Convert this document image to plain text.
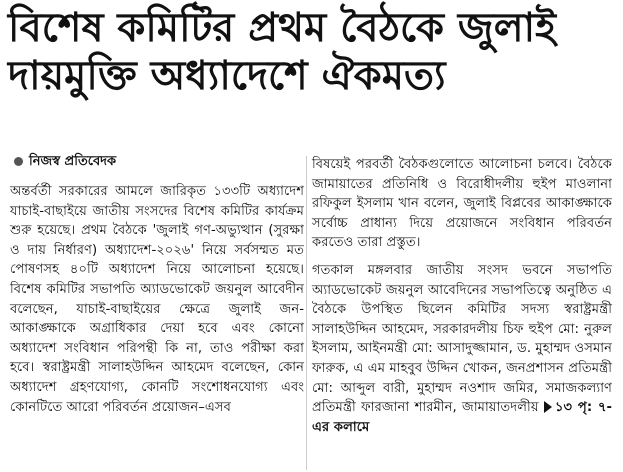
বিশেষ কমিটির প্রথম বৈঠকে জুলাই
দায়মুক্তি অধ্যাদেশে ঐকমত্য
নিজস্ব প্রতিবেদক

অন্তর্বর্তী সরকারের আমলে জারিকৃত ১৩৩টি অধ্যাদেশ যাচাই-বাছাইয়ে জাতীয় সংসদের বিশেষ কমিটির কার্যক্রম শুরু হয়েছে। প্রথম বৈঠকে 'জুলাই গণ-অভ্যুত্থান (সুরক্ষা ও দায় নির্ধারণ) অধ্যাদেশ-২০২৬' নিয়ে সর্বসম্মত মত পোষণসহ ৪০টি অধ্যাদেশ নিয়ে আলোচনা হয়েছে। বিশেষ কমিটির সভাপতি অ্যাডভোকেট জয়নুল আবেদীন বলেছেন, যাচাই-বাছাইয়ের ক্ষেত্রে জুলাই জন-আকাঙ্ক্ষাকে অগ্রাধিকার দেয়া হবে এবং কোনো অধ্যাদেশ সংবিধান পরিপন্থী কি না, তাও পরীক্ষা করা হবে। স্বরাষ্ট্রমন্ত্রী সালাহউদ্দিন আহমেদ বলেছেন, কোন অধ্যাদেশ গ্রহণযোগ্য, কোনটি সংশোধনযোগ্য এবং কোনটিতে আরো পরিবর্তন প্রয়োজন–এসব

বিষয়েই পরবর্তী বৈঠকগুলোতে আলোচনা চলবে। বৈঠকে জামায়াতের প্রতিনিধি ও বিরোধীদলীয় হুইপ মাওলানা রফিকুল ইসলাম খান বলেন, জুলাই বিপ্লবের আকাঙ্ক্ষাকে সর্বোচ্চ প্রাধান্য দিয়ে প্রয়োজনে সংবিধান পরিবর্তন করতেও তারা প্রস্তুত।

গতকাল মঙ্গলবার জাতীয় সংসদ ভবনে সভাপতি অ্যাডভোকেট জয়নুল আবেদিনের সভাপতিত্বে অনুষ্ঠিত এ বৈঠকে উপস্থিত ছিলেন কমিটির সদস্য স্বরাষ্ট্রমন্ত্রী সালাহউদ্দিন আহমেদ, সরকারদলীয় চিফ হুইপ মো: নুরুল ইসলাম, আইনমন্ত্রী মো: আসাদুজ্জামান, ড. মুহাম্মদ ওসমান ফারুক, এ এম মাহবুব উদ্দিন খোকন, জনপ্রশাসন প্রতিমন্ত্রী মো: আব্দুল বারী, মুহাম্মদ নওশাদ জমির, সমাজকল্যাণ প্রতিমন্ত্রী ফারজানা শারমীন, জামায়াতদলীয় ১৩ পৃ: ৭-এর কলামে
